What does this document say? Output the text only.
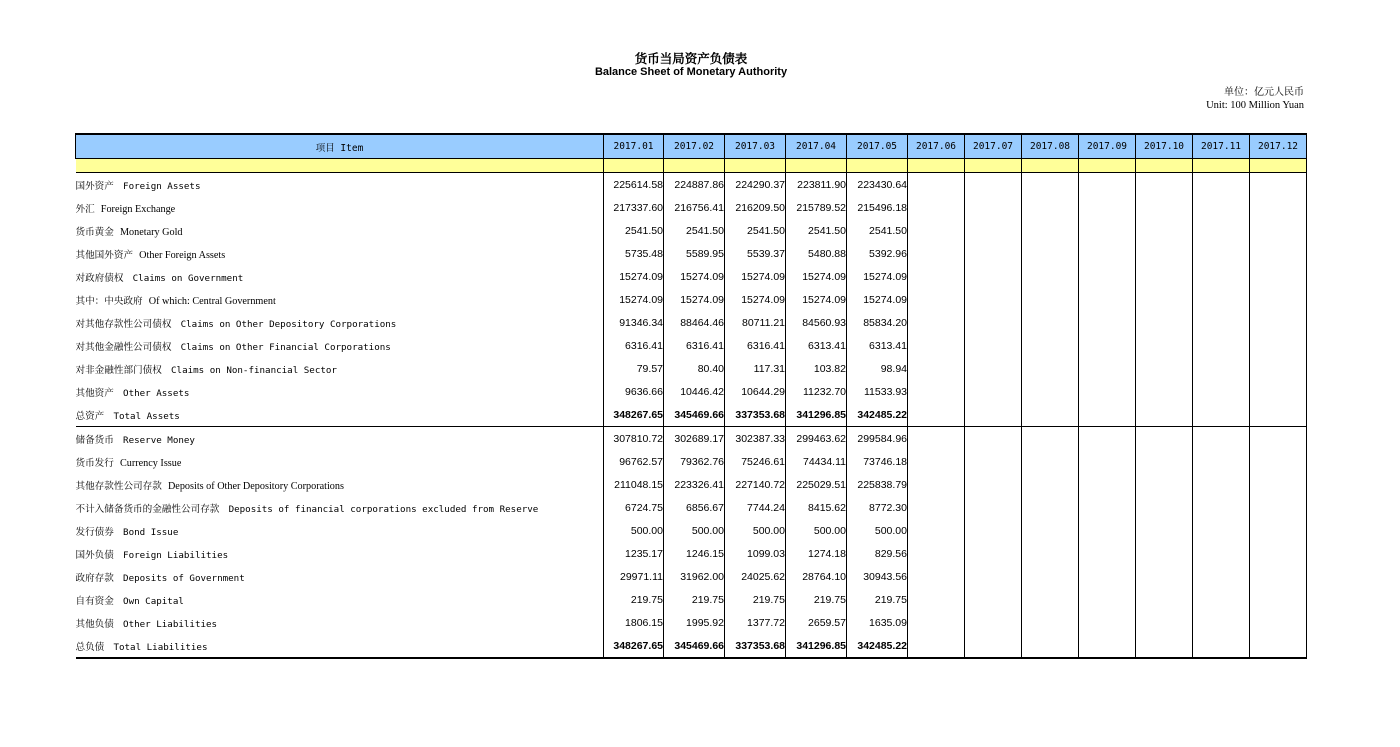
货币当局资产负债表
Balance Sheet of Monetary Authority
单位：亿元人民币
Unit: 100 Million Yuan
项目 Item	2017.01	2017.02	2017.03	2017.04	2017.05	2017.06	2017.07	2017.08	2017.09	2017.10	2017.11	2017.12

国外资产 Foreign Assets	225614.58	224887.86	224290.37	223811.90	223430.64							
外汇 Foreign Exchange	217337.60	216756.41	216209.50	215789.52	215496.18							
货币黄金 Monetary Gold	2541.50	2541.50	2541.50	2541.50	2541.50							
其他国外资产 Other Foreign Assets	5735.48	5589.95	5539.37	5480.88	5392.96							
对政府债权 Claims on Government	15274.09	15274.09	15274.09	15274.09	15274.09							
其中：中央政府 Of which: Central Government	15274.09	15274.09	15274.09	15274.09	15274.09							
对其他存款性公司债权 Claims on Other Depository Corporations	91346.34	88464.46	80711.21	84560.93	85834.20							
对其他金融性公司债权 Claims on Other Financial Corporations	6316.41	6316.41	6316.41	6313.41	6313.41							
对非金融性部门债权 Claims on Non-financial Sector	79.57	80.40	117.31	103.82	98.94							
其他资产 Other Assets	9636.66	10446.42	10644.29	11232.70	11533.93							
总资产 Total Assets	348267.65	345469.66	337353.68	341296.85	342485.22							
储备货币 Reserve Money	307810.72	302689.17	302387.33	299463.62	299584.96							
货币发行 Currency Issue	96762.57	79362.76	75246.61	74434.11	73746.18							
其他存款性公司存款 Deposits of Other Depository Corporations	211048.15	223326.41	227140.72	225029.51	225838.79							
不计入储备货币的金融性公司存款 Deposits of financial corporations excluded from Reserve	6724.75	6856.67	7744.24	8415.62	8772.30							
发行债券 Bond Issue	500.00	500.00	500.00	500.00	500.00							
国外负债 Foreign Liabilities	1235.17	1246.15	1099.03	1274.18	829.56							
政府存款 Deposits of Government	29971.11	31962.00	24025.62	28764.10	30943.56							
自有资金 Own Capital	219.75	219.75	219.75	219.75	219.75							
其他负债 Other Liabilities	1806.15	1995.92	1377.72	2659.57	1635.09							
总负债 Total Liabilities	348267.65	345469.66	337353.68	341296.85	342485.22							
